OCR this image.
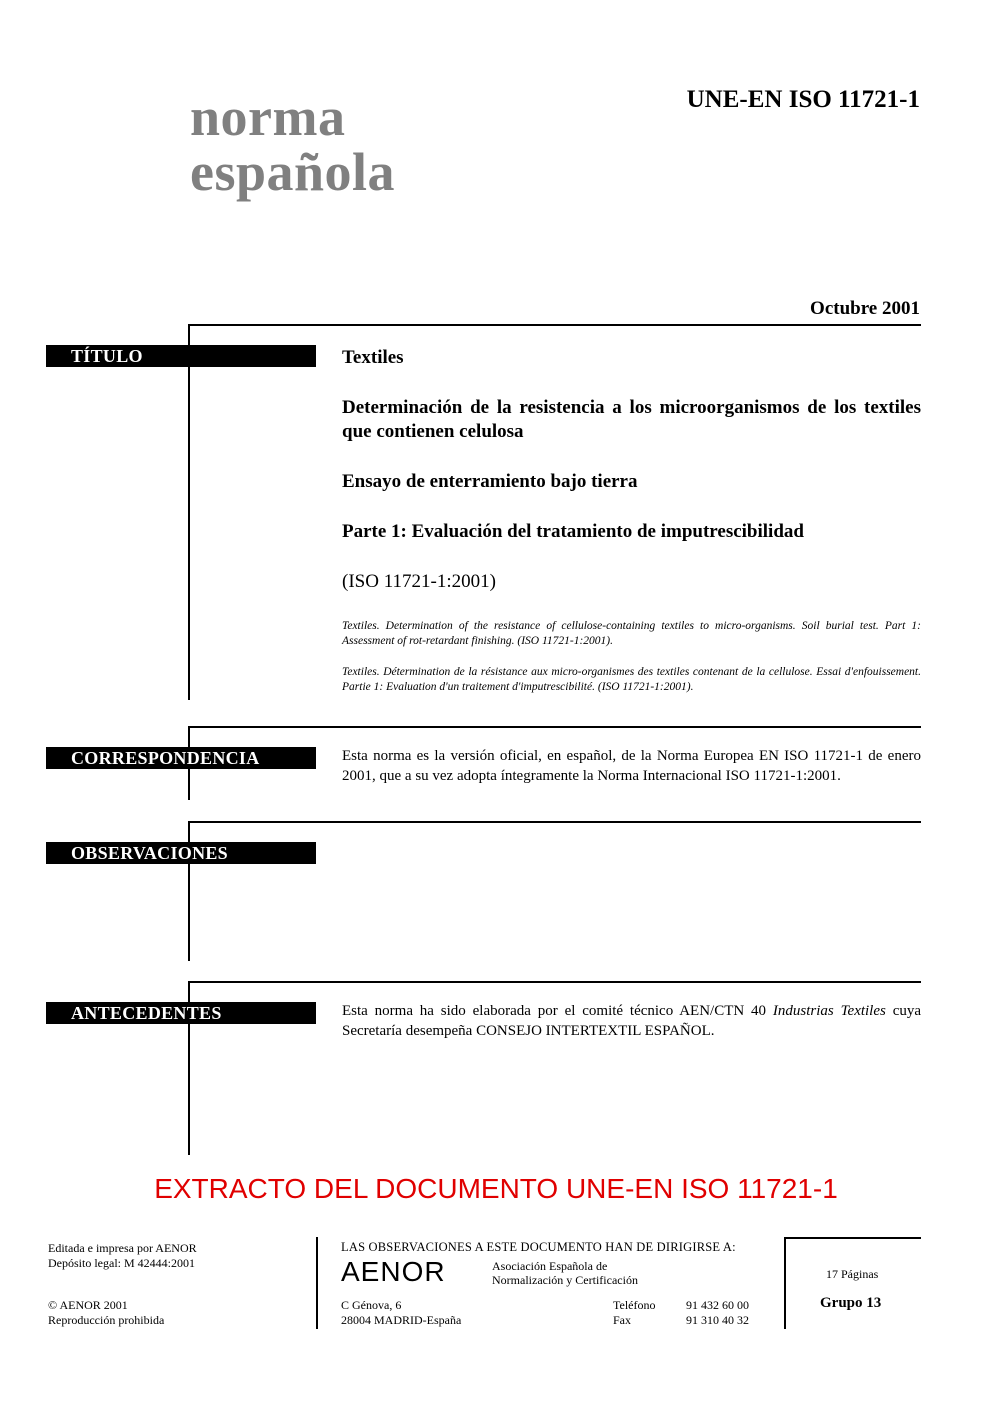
norma
española
UNE-EN ISO 11721-1
Octubre 2001
TÍTULO	Textiles
Determinación de la resistencia a los microorganismos de los textiles que contienen celulosa
Ensayo de enterramiento bajo tierra
Parte 1: Evaluación del tratamiento de imputrescibilidad
(ISO 11721-1:2001)
Textiles. Determination of the resistance of cellulose-containing textiles to micro-organisms. Soil burial test. Part 1: Assessment of rot-retardant finishing. (ISO 11721-1:2001).
Textiles. Détermination de la résistance aux micro-organismes des textiles contenant de la cellulose. Essai d'enfouissement. Partie 1: Evaluation d'un traitement d'imputrescibilité. (ISO 11721-1:2001).
CORRESPONDENCIA	Esta norma es la versión oficial, en español, de la Norma Europea EN ISO 11721-1 de enero 2001, que a su vez adopta íntegramente la Norma Internacional ISO 11721-1:2001.
OBSERVACIONES
ANTECEDENTES	Esta norma ha sido elaborada por el comité técnico AEN/CTN 40 Industrias Textiles cuya Secretaría desempeña CONSEJO INTERTEXTIL ESPAÑOL.
EXTRACTO DEL DOCUMENTO UNE-EN ISO 11721-1
Editada e impresa por AENOR
Depósito legal: M 42444:2001
© AENOR 2001
Reproducción prohibida
LAS OBSERVACIONES A ESTE DOCUMENTO HAN DE DIRIGIRSE A:
AENOR	Asociación Española de
Normalización y Certificación
C Génova, 6
28004 MADRID-España
Teléfono	91 432 60 00
Fax	91 310 40 32
17 Páginas
Grupo 13
